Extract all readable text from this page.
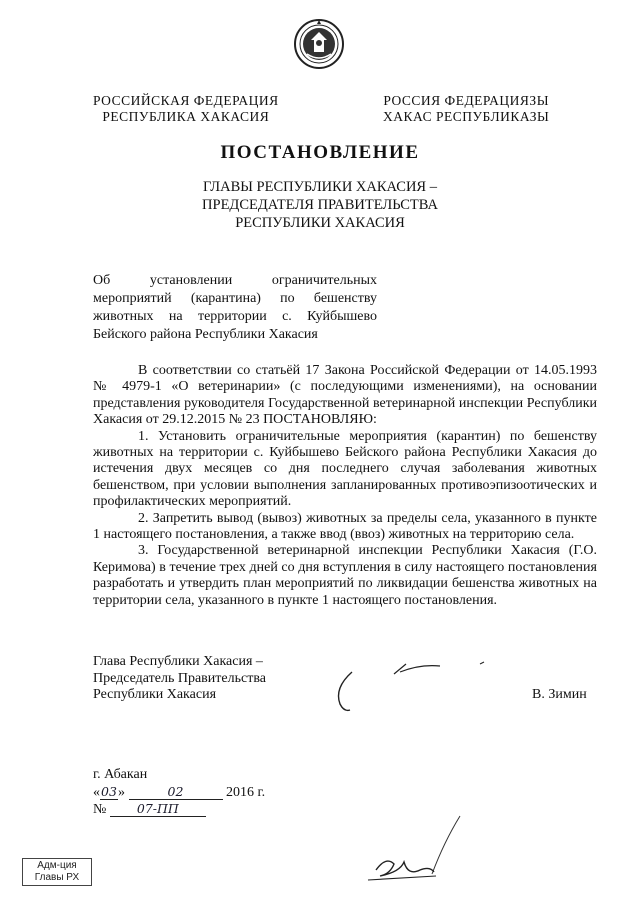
РОССИЙСКАЯ ФЕДЕРАЦИЯ
РЕСПУБЛИКА ХАКАСИЯ
РОССИЯ ФЕДЕРАЦИЯЗЫ
ХАКАС РЕСПУБЛИКАЗЫ
ПОСТАНОВЛЕНИЕ
ГЛАВЫ РЕСПУБЛИКИ ХАКАСИЯ –
ПРЕДСЕДАТЕЛЯ ПРАВИТЕЛЬСТВА
РЕСПУБЛИКИ ХАКАСИЯ
Об установлении ограничительных мероприятий (карантина) по бешенству животных на территории с. Куйбышево Бейского района Республики Хакасия

В соответствии со статьёй 17 Закона Российской Федерации от 14.05.1993 № 4979-1 «О ветеринарии» (с последующими изменениями), на основании представления руководителя Государственной ветеринарной инспекции Республики Хакасия от 29.12.2015 № 23 ПОСТАНОВЛЯЮ:

1. Установить ограничительные мероприятия (карантин) по бешенству животных на территории с. Куйбышево Бейского района Республики Хакасия до истечения двух месяцев со дня последнего случая заболевания животных бешенством, при условии выполнения запланированных противоэпизоотических и профилактических мероприятий.

2. Запретить вывод (вывоз) животных за пределы села, указанного в пункте 1 настоящего постановления, а также ввод (ввоз) животных на территорию села.

3. Государственной ветеринарной инспекции Республики Хакасия (Г.О. Керимова) в течение трех дней со дня вступления в силу настоящего постановления разработать и утвердить план мероприятий по ликвидации бешенства животных на территории села, указанного в пункте 1 настоящего постановления.

Глава Республики Хакасия –
Председатель Правительства
Республики Хакасия	В. Зимин
г. Абакан
«03»	02	2016 г.
№ 07-ПП
Адм-ция
Главы РХ
